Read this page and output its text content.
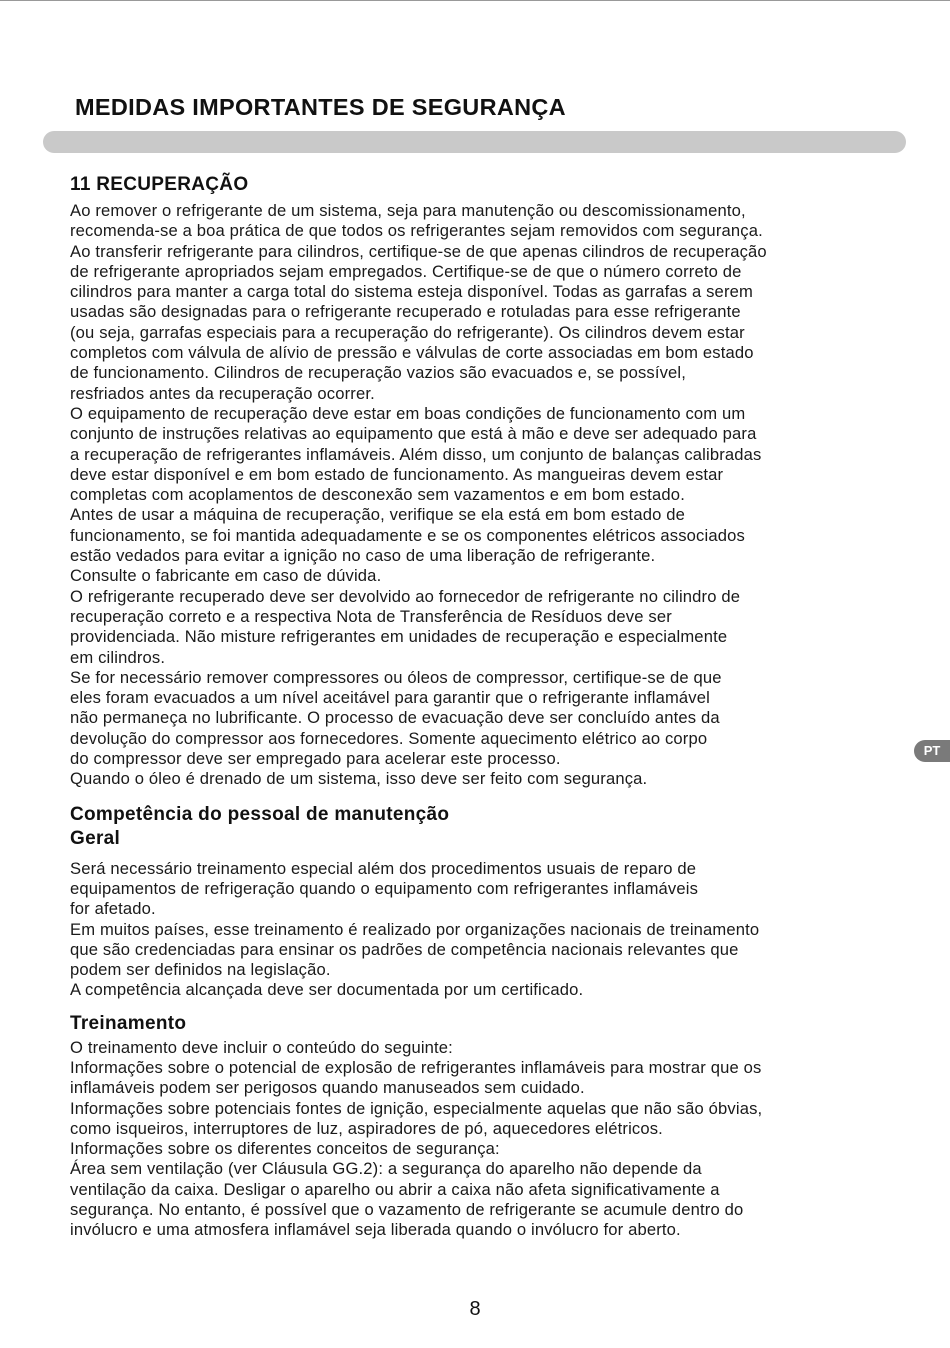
MEDIDAS IMPORTANTES DE SEGURANÇA
11 RECUPERAÇÃO

Ao remover o refrigerante de um sistema, seja para manutenção ou descomissionamento,
recomenda-se a boa prática de que todos os refrigerantes sejam removidos com segurança.
Ao transferir refrigerante para cilindros, certifique-se de que apenas cilindros de recuperação
de refrigerante apropriados sejam empregados. Certifique-se de que o número correto de
cilindros para manter a carga total do sistema esteja disponível. Todas as garrafas a serem
usadas são designadas para o refrigerante recuperado e rotuladas para esse refrigerante
(ou seja, garrafas especiais para a recuperação do refrigerante). Os cilindros devem estar
completos com válvula de alívio de pressão e válvulas de corte associadas em bom estado
de funcionamento. Cilindros de recuperação vazios são evacuados e, se possível,
resfriados antes da recuperação ocorrer.

O equipamento de recuperação deve estar em boas condições de funcionamento com um
conjunto de instruções relativas ao equipamento que está à mão e deve ser adequado para
a recuperação de refrigerantes inflamáveis. Além disso, um conjunto de balanças calibradas
deve estar disponível e em bom estado de funcionamento. As mangueiras devem estar
completas com acoplamentos de desconexão sem vazamentos e em bom estado.

Antes de usar a máquina de recuperação, verifique se ela está em bom estado de
funcionamento, se foi mantida adequadamente e se os componentes elétricos associados
estão vedados para evitar a ignição no caso de uma liberação de refrigerante.

Consulte o fabricante em caso de dúvida.

O refrigerante recuperado deve ser devolvido ao fornecedor de refrigerante no cilindro de
recuperação correto e a respectiva Nota de Transferência de Resíduos deve ser
providenciada. Não misture refrigerantes em unidades de recuperação e especialmente
em cilindros.

Se for necessário remover compressores ou óleos de compressor, certifique-se de que
eles foram evacuados a um nível aceitável para garantir que o refrigerante inflamável
não permaneça no lubrificante. O processo de evacuação deve ser concluído antes da
devolução do compressor aos fornecedores. Somente aquecimento elétrico ao corpo
do compressor deve ser empregado para acelerar este processo.

Quando o óleo é drenado de um sistema, isso deve ser feito com segurança.

Competência do pessoal de manutenção
Geral

Será necessário treinamento especial além dos procedimentos usuais de reparo de
equipamentos de refrigeração quando o equipamento com refrigerantes inflamáveis
for afetado.

Em muitos países, esse treinamento é realizado por organizações nacionais de treinamento
que são credenciadas para ensinar os padrões de competência nacionais relevantes que
podem ser definidos na legislação.

A competência alcançada deve ser documentada por um certificado.

Treinamento

O treinamento deve incluir o conteúdo do seguinte:

Informações sobre o potencial de explosão de refrigerantes inflamáveis para mostrar que os
inflamáveis podem ser perigosos quando manuseados sem cuidado.

Informações sobre potenciais fontes de ignição, especialmente aquelas que não são óbvias,
como isqueiros, interruptores de luz, aspiradores de pó, aquecedores elétricos.

Informações sobre os diferentes conceitos de segurança:

Área sem ventilação (ver Cláusula GG.2): a segurança do aparelho não depende da
ventilação da caixa. Desligar o aparelho ou abrir a caixa não afeta significativamente a
segurança. No entanto, é possível que o vazamento de refrigerante se acumule dentro do
invólucro e uma atmosfera inflamável seja liberada quando o invólucro for aberto.

PT
8
